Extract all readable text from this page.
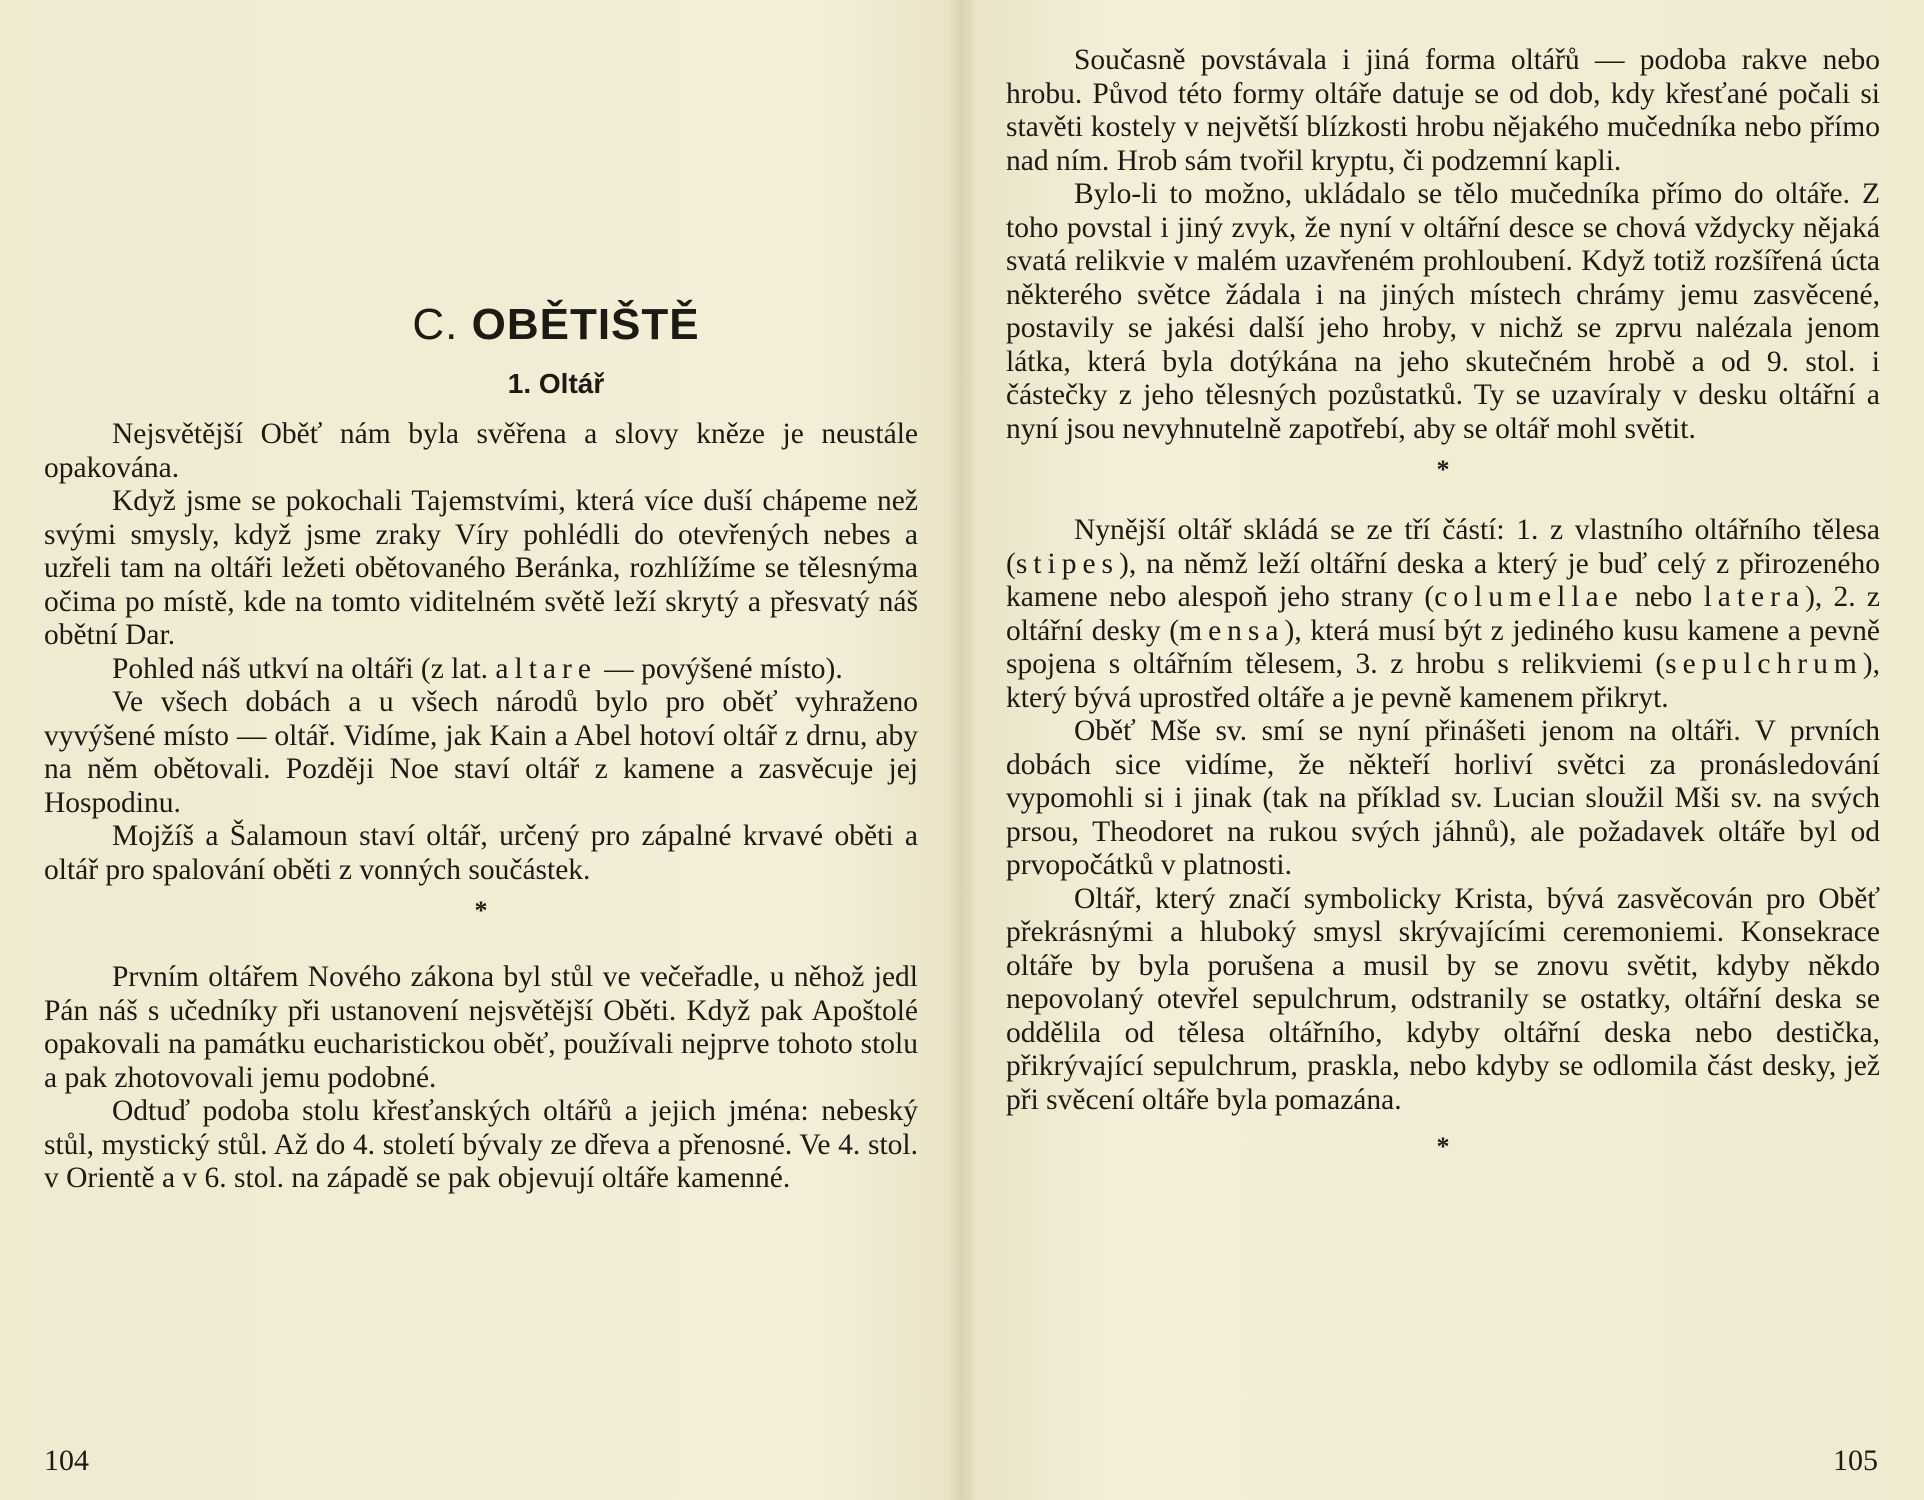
C. OBĚTIŠTĚ
1. Oltář

Nejsvětější Oběť nám byla svěřena a slovy kněze je neustále opakována.

Když jsme se pokochali Tajemstvími, která více duší chápeme než svými smysly, když jsme zraky Víry pohlédli do otevřených nebes a uzřeli tam na oltáři ležeti obětovaného Beránka, rozhlížíme se tělesnýma očima po místě, kde na tomto viditelném světě leží skrytý a přesvatý náš obětní Dar.

Pohled náš utkví na oltáři (z lat. altare — povýšené místo).

Ve všech dobách a u všech národů bylo pro oběť vyhraženo vyvýšené místo — oltář. Vidíme, jak Kain a Abel hotoví oltář z drnu, aby na něm obětovali. Později Noe staví oltář z kamene a zasvěcuje jej Hospodinu.

Mojžíš a Šalamoun staví oltář, určený pro zápalné krvavé oběti a oltář pro spalování oběti z vonných součástek.

*

Prvním oltářem Nového zákona byl stůl ve večeřadle, u něhož jedl Pán náš s učedníky při ustanovení nejsvětější Oběti. Když pak Apoštolé opakovali na památku eucharistickou oběť, používali nejprve tohoto stolu a pak zhotovovali jemu podobné.

Odtuď podoba stolu křesťanských oltářů a jejich jména: nebeský stůl, mystický stůl. Až do 4. století bývaly ze dřeva a přenosné. Ve 4. stol. v Orientě a v 6. stol. na západě se pak objevují oltáře kamenné.

104

Současně povstávala i jiná forma oltářů — podoba rakve nebo hrobu. Původ této formy oltáře datuje se od dob, kdy křesťané počali si stavěti kostely v největší blízkosti hrobu nějakého mučedníka nebo přímo nad ním. Hrob sám tvořil kryptu, či podzemní kapli.

Bylo-li to možno, ukládalo se tělo mučedníka přímo do oltáře. Z toho povstal i jiný zvyk, že nyní v oltářní desce se chová vždycky nějaká svatá relikvie v malém uzavřeném prohloubení. Když totiž rozšířená úcta některého světce žádala i na jiných místech chrámy jemu zasvěcené, postavily se jakési další jeho hroby, v nichž se zprvu nalézala jenom látka, která byla dotýkána na jeho skutečném hrobě a od 9. stol. i částečky z jeho tělesných pozůstatků. Ty se uzavíraly v desku oltářní a nyní jsou nevyhnutelně zapotřebí, aby se oltář mohl světit.

*

Nynější oltář skládá se ze tří částí: 1. z vlastního oltářního tělesa (stipes), na němž leží oltářní deska a který je buď celý z přirozeného kamene nebo alespoň jeho strany (columellae nebo latera), 2. z oltářní desky (mensa), která musí být z jediného kusu kamene a pevně spojena s oltářním tělesem, 3. z hrobu s relikviemi (sepulchrum), který bývá uprostřed oltáře a je pevně kamenem přikryt.

Oběť Mše sv. smí se nyní přinášeti jenom na oltáři. V prvních dobách sice vidíme, že někteří horliví světci za pronásledování vypomohli si i jinak (tak na příklad sv. Lucian sloužil Mši sv. na svých prsou, Theodoret na rukou svých jáhnů), ale požadavek oltáře byl od prvopočátků v platnosti.

Oltář, který značí symbolicky Krista, bývá zasvěcován pro Oběť překrásnými a hluboký smysl skrývajícími ceremoniemi. Konsekrace oltáře by byla porušena a musil by se znovu světit, kdyby někdo nepovolaný otevřel sepulchrum, odstranily se ostatky, oltářní deska se oddělila od tělesa oltářního, kdyby oltářní deska nebo destička, přikrývající sepulchrum, praskla, nebo kdyby se odlomila část desky, jež při svěcení oltáře byla pomazána.

*
105
